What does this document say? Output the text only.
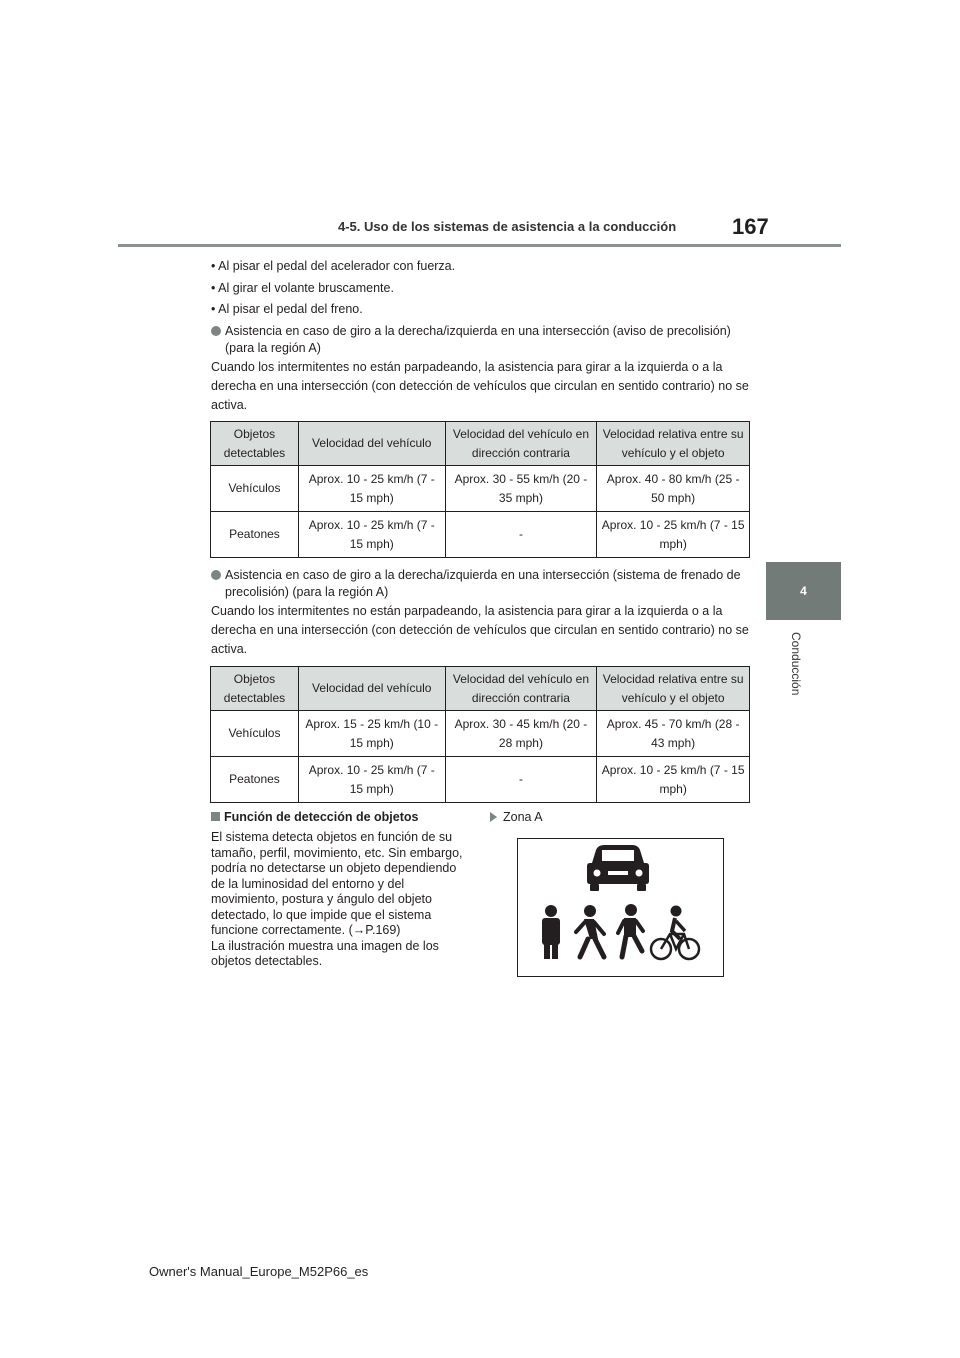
4-5. Uso de los sistemas de asistencia a la conducción	167
4
Conducción
• Al pisar el pedal del acelerador con fuerza.
• Al girar el volante bruscamente.
• Al pisar el pedal del freno.
Asistencia en caso de giro a la derecha/izquierda en una intersección (aviso de precolisión) (para la región A)
Cuando los intermitentes no están parpadeando, la asistencia para girar a la izquierda o a la derecha en una intersección (con detección de vehículos que circulan en sentido contrario) no se activa.
Objetos detectables	Velocidad del vehículo	Velocidad del vehículo en dirección contraria	Velocidad relativa entre su vehículo y el objeto
Vehículos	Aprox. 10 - 25 km/h (7 - 15 mph)	Aprox. 30 - 55 km/h (20 - 35 mph)	Aprox. 40 - 80 km/h (25 - 50 mph)
Peatones	Aprox. 10 - 25 km/h (7 - 15 mph)	-	Aprox. 10 - 25 km/h (7 - 15 mph)
Asistencia en caso de giro a la derecha/izquierda en una intersección (sistema de frenado de precolisión) (para la región A)
Cuando los intermitentes no están parpadeando, la asistencia para girar a la izquierda o a la derecha en una intersección (con detección de vehículos que circulan en sentido contrario) no se activa.
Objetos detectables	Velocidad del vehículo	Velocidad del vehículo en dirección contraria	Velocidad relativa entre su vehículo y el objeto
Vehículos	Aprox. 15 - 25 km/h (10 - 15 mph)	Aprox. 30 - 45 km/h (20 - 28 mph)	Aprox. 45 - 70 km/h (28 - 43 mph)
Peatones	Aprox. 10 - 25 km/h (7 - 15 mph)	-	Aprox. 10 - 25 km/h (7 - 15 mph)
Función de detección de objetos
El sistema detecta objetos en función de su tamaño, perfil, movimiento, etc. Sin embargo, podría no detectarse un objeto dependiendo de la luminosidad del entorno y del movimiento, postura y ángulo del objeto detectado, lo que impide que el sistema funcione correctamente. (→P.169)
La ilustración muestra una imagen de los objetos detectables.
Zona A
Owner's Manual_Europe_M52P66_es
